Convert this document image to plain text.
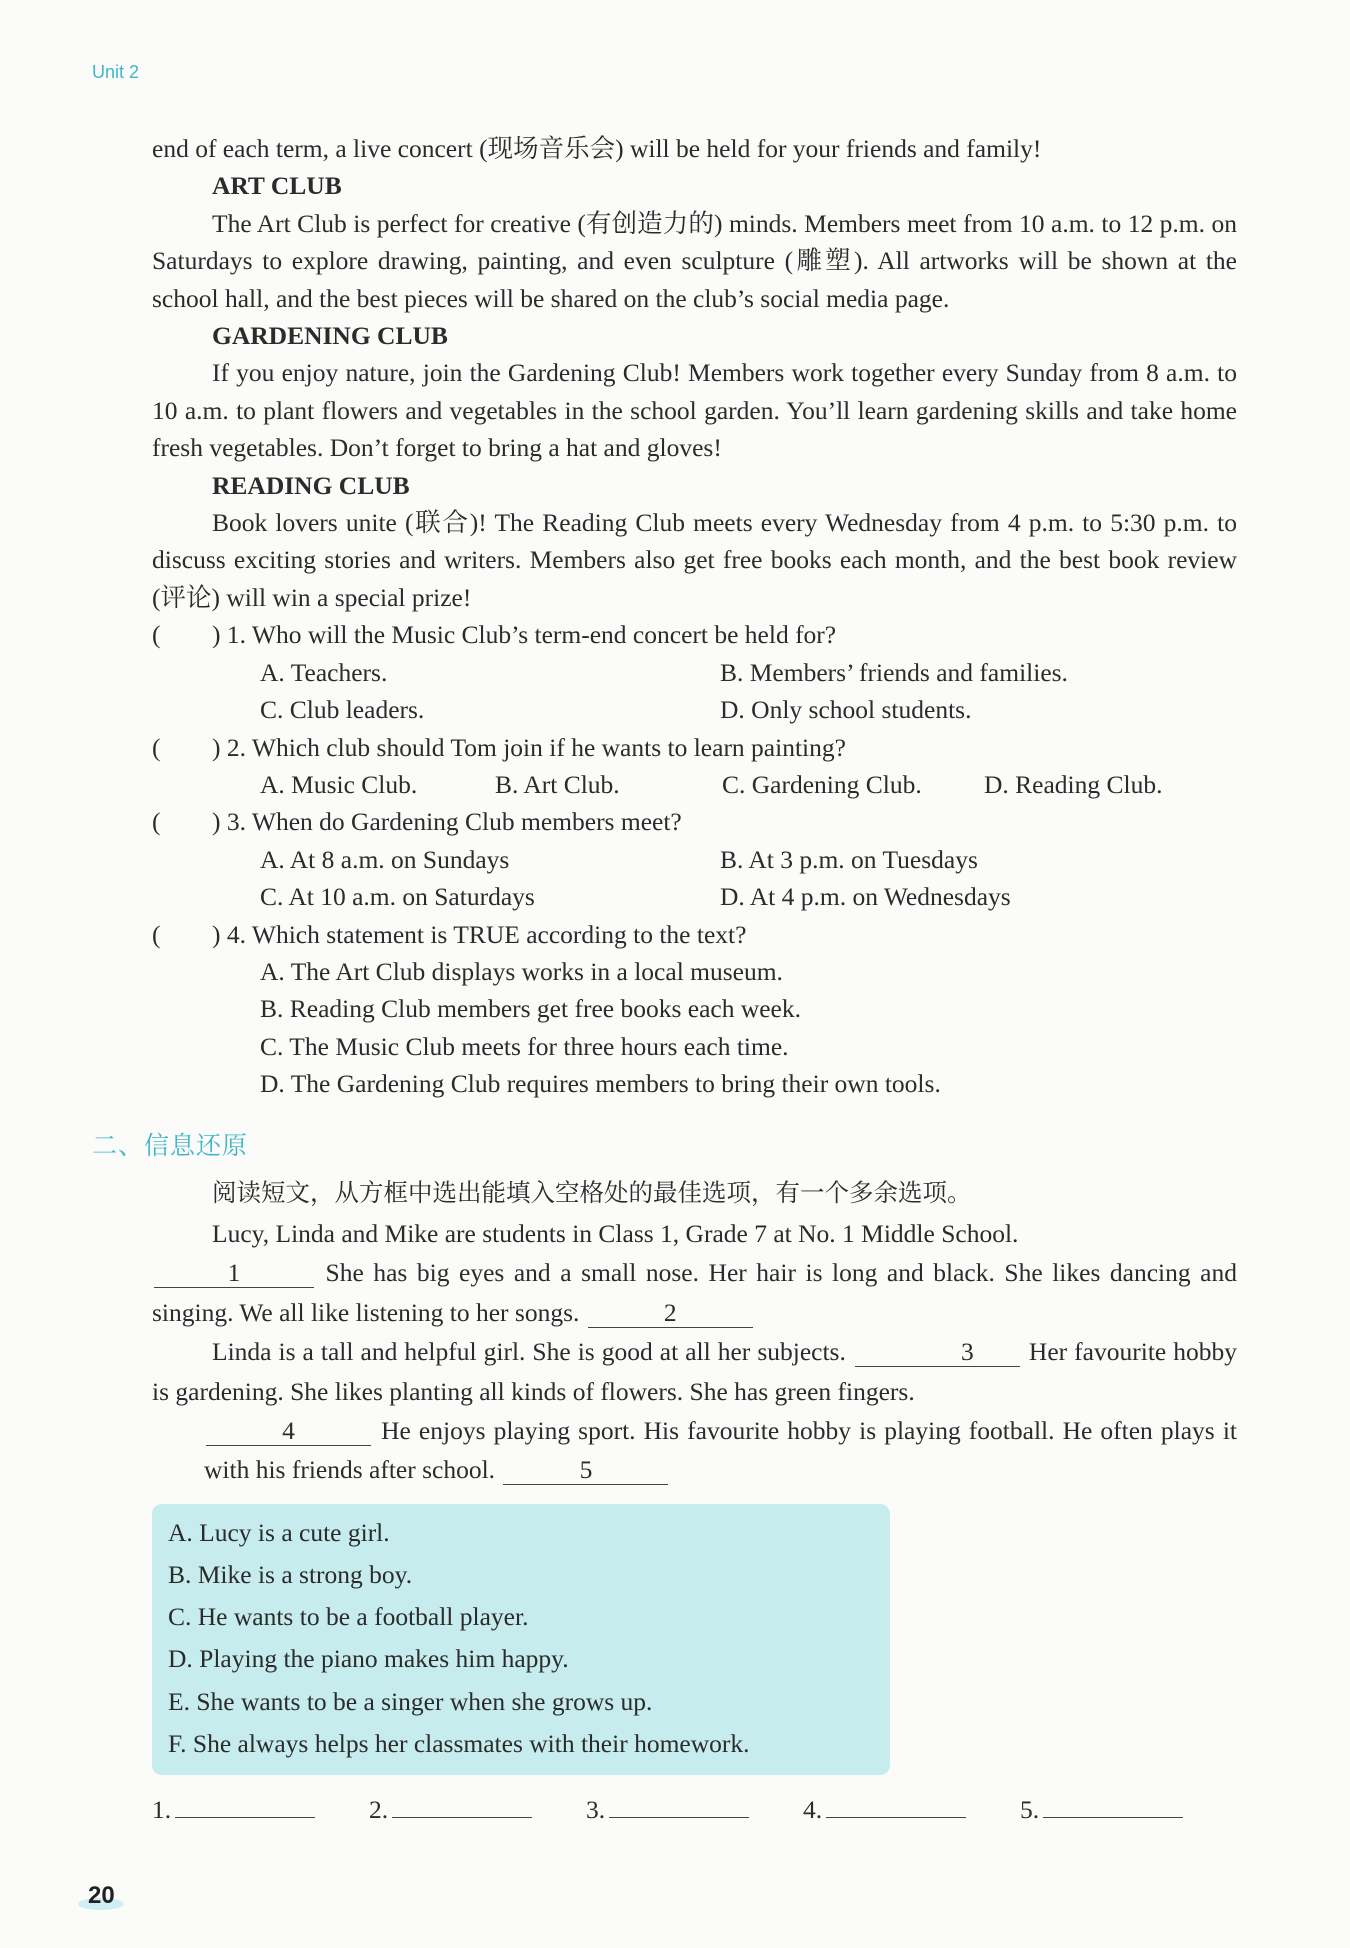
Unit 2

end of each term, a live concert (现场音乐会) will be held for your friends and family!

ART CLUB

The Art Club is perfect for creative (有创造力的) minds. Members meet from 10 a.m. to 12 p.m. on Saturdays to explore drawing, painting, and even sculpture (雕塑). All artworks will be shown at the school hall, and the best pieces will be shared on the club’s social media page.

GARDENING CLUB

If you enjoy nature, join the Gardening Club! Members work together every Sunday from 8 a.m. to 10 a.m. to plant flowers and vegetables in the school garden. You’ll learn gardening skills and take home fresh vegetables. Don’t forget to bring a hat and gloves!

READING CLUB

Book lovers unite (联合)! The Reading Club meets every Wednesday from 4 p.m. to 5:30 p.m. to discuss exciting stories and writers. Members also get free books each month, and the best book review (评论) will win a special prize!

( ) 1. Who will the Music Club’s term-end concert be held for?

A. Teachers.	B. Members’ friends and families.

C. Club leaders.	D. Only school students.

( ) 2. Which club should Tom join if he wants to learn painting?

A. Music Club.	B. Art Club.	C. Gardening Club.	D. Reading Club.

( ) 3. When do Gardening Club members meet?

A. At 8 a.m. on Sundays	B. At 3 p.m. on Tuesdays

C. At 10 a.m. on Saturdays	D. At 4 p.m. on Wednesdays

( ) 4. Which statement is TRUE according to the text?

A. The Art Club displays works in a local museum.

B. Reading Club members get free books each week.

C. The Music Club meets for three hours each time.

D. The Gardening Club requires members to bring their own tools.

二、信息还原

阅读短文，从方框中选出能填入空格处的最佳选项，有一个多余选项。

Lucy, Linda and Mike are students in Class 1, Grade 7 at No. 1 Middle School.

1	She has big eyes and a small nose. Her hair is long and black. She likes dancing and singing. We all like listening to her songs.	2

Linda is a tall and helpful girl. She is good at all her subjects.	3 Her favourite hobby is gardening. She likes planting all kinds of flowers. She has green fingers.

4	He enjoys playing sport. His favourite hobby is playing football. He often plays it with his friends after school.	5

A. Lucy is a cute girl.

B. Mike is a strong boy.

C. He wants to be a football player.

D. Playing the piano makes him happy.

E. She wants to be a singer when she grows up.

F. She always helps her classmates with their homework.

1.	2.	3.	4.	5.
20
